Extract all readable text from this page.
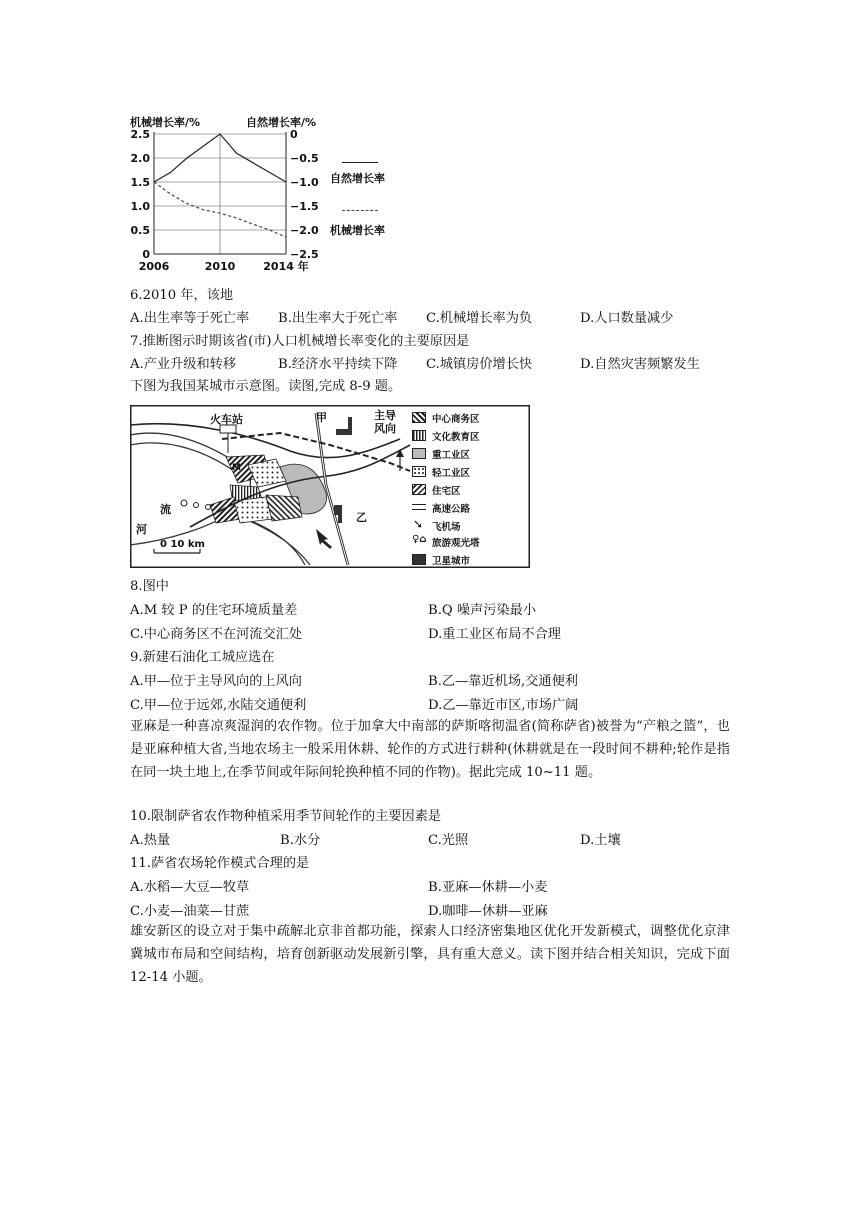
机械增长率/%	自然增长率/%
2.5
2.0
1.5
1.0
0.5
0
0
−0.5
−1.0
−1.5
−2.0
−2.5
2006	2010	2014 年
自然增长率
机械增长率
6.2010 年，该地
A.出生率等于死亡率 B.出生率大于死亡率 C.机械增长率为负	D.人口数量减少
7.推断图示时期该省(市)人口机械增长率变化的主要原因是
A.产业升级和转移	B.经济水平持续下降 C.城镇房价增长快	D.自然灾害频繁发生
下图为我国某城市示意图。读图,完成 8-9 题。
火车站	甲
乙
主导风向
河
流
M
0 10 km
中心商务区
文化教育区
重工业区
轻工业区
住宅区
高速公路
➘ 飞机场
♀⌂ 旅游观光塔
卫星城市
8.图中
A.M 较 P 的住宅环境质量差	B.Q 噪声污染最小
C.中心商务区不在河流交汇处	D.重工业区布局不合理
9.新建石油化工城应选在
A.甲—位于主导风向的上风向	B.乙—靠近机场,交通便利
C.甲—位于远郊,水陆交通便利	D.乙—靠近市区,市场广阔
亚麻是一种喜凉爽湿润的农作物。位于加拿大中南部的萨斯喀彻温省(简称萨省)被誉为“产粮之篮”，也是亚麻种植大省,当地农场主一般采用休耕、轮作的方式进行耕种(休耕就是在一段时间不耕种;轮作是指在同一块土地上,在季节间或年际间轮换种植不同的作物)。据此完成 10~11 题。
10.限制萨省农作物种植采用季节间轮作的主要因素是
A.热量	B.水分	C.光照	D.土壤
11.萨省农场轮作模式合理的是
A.水稻—大豆—牧草	B.亚麻—休耕—小麦
C.小麦—油菜—甘蔗	D.咖啡—休耕—亚麻
雄安新区的设立对于集中疏解北京非首都功能，探索人口经济密集地区优化开发新模式，调整优化京津冀城市布局和空间结构，培育创新驱动发展新引擎，具有重大意义。读下图并结合相关知识，完成下面 12-14 小题。
